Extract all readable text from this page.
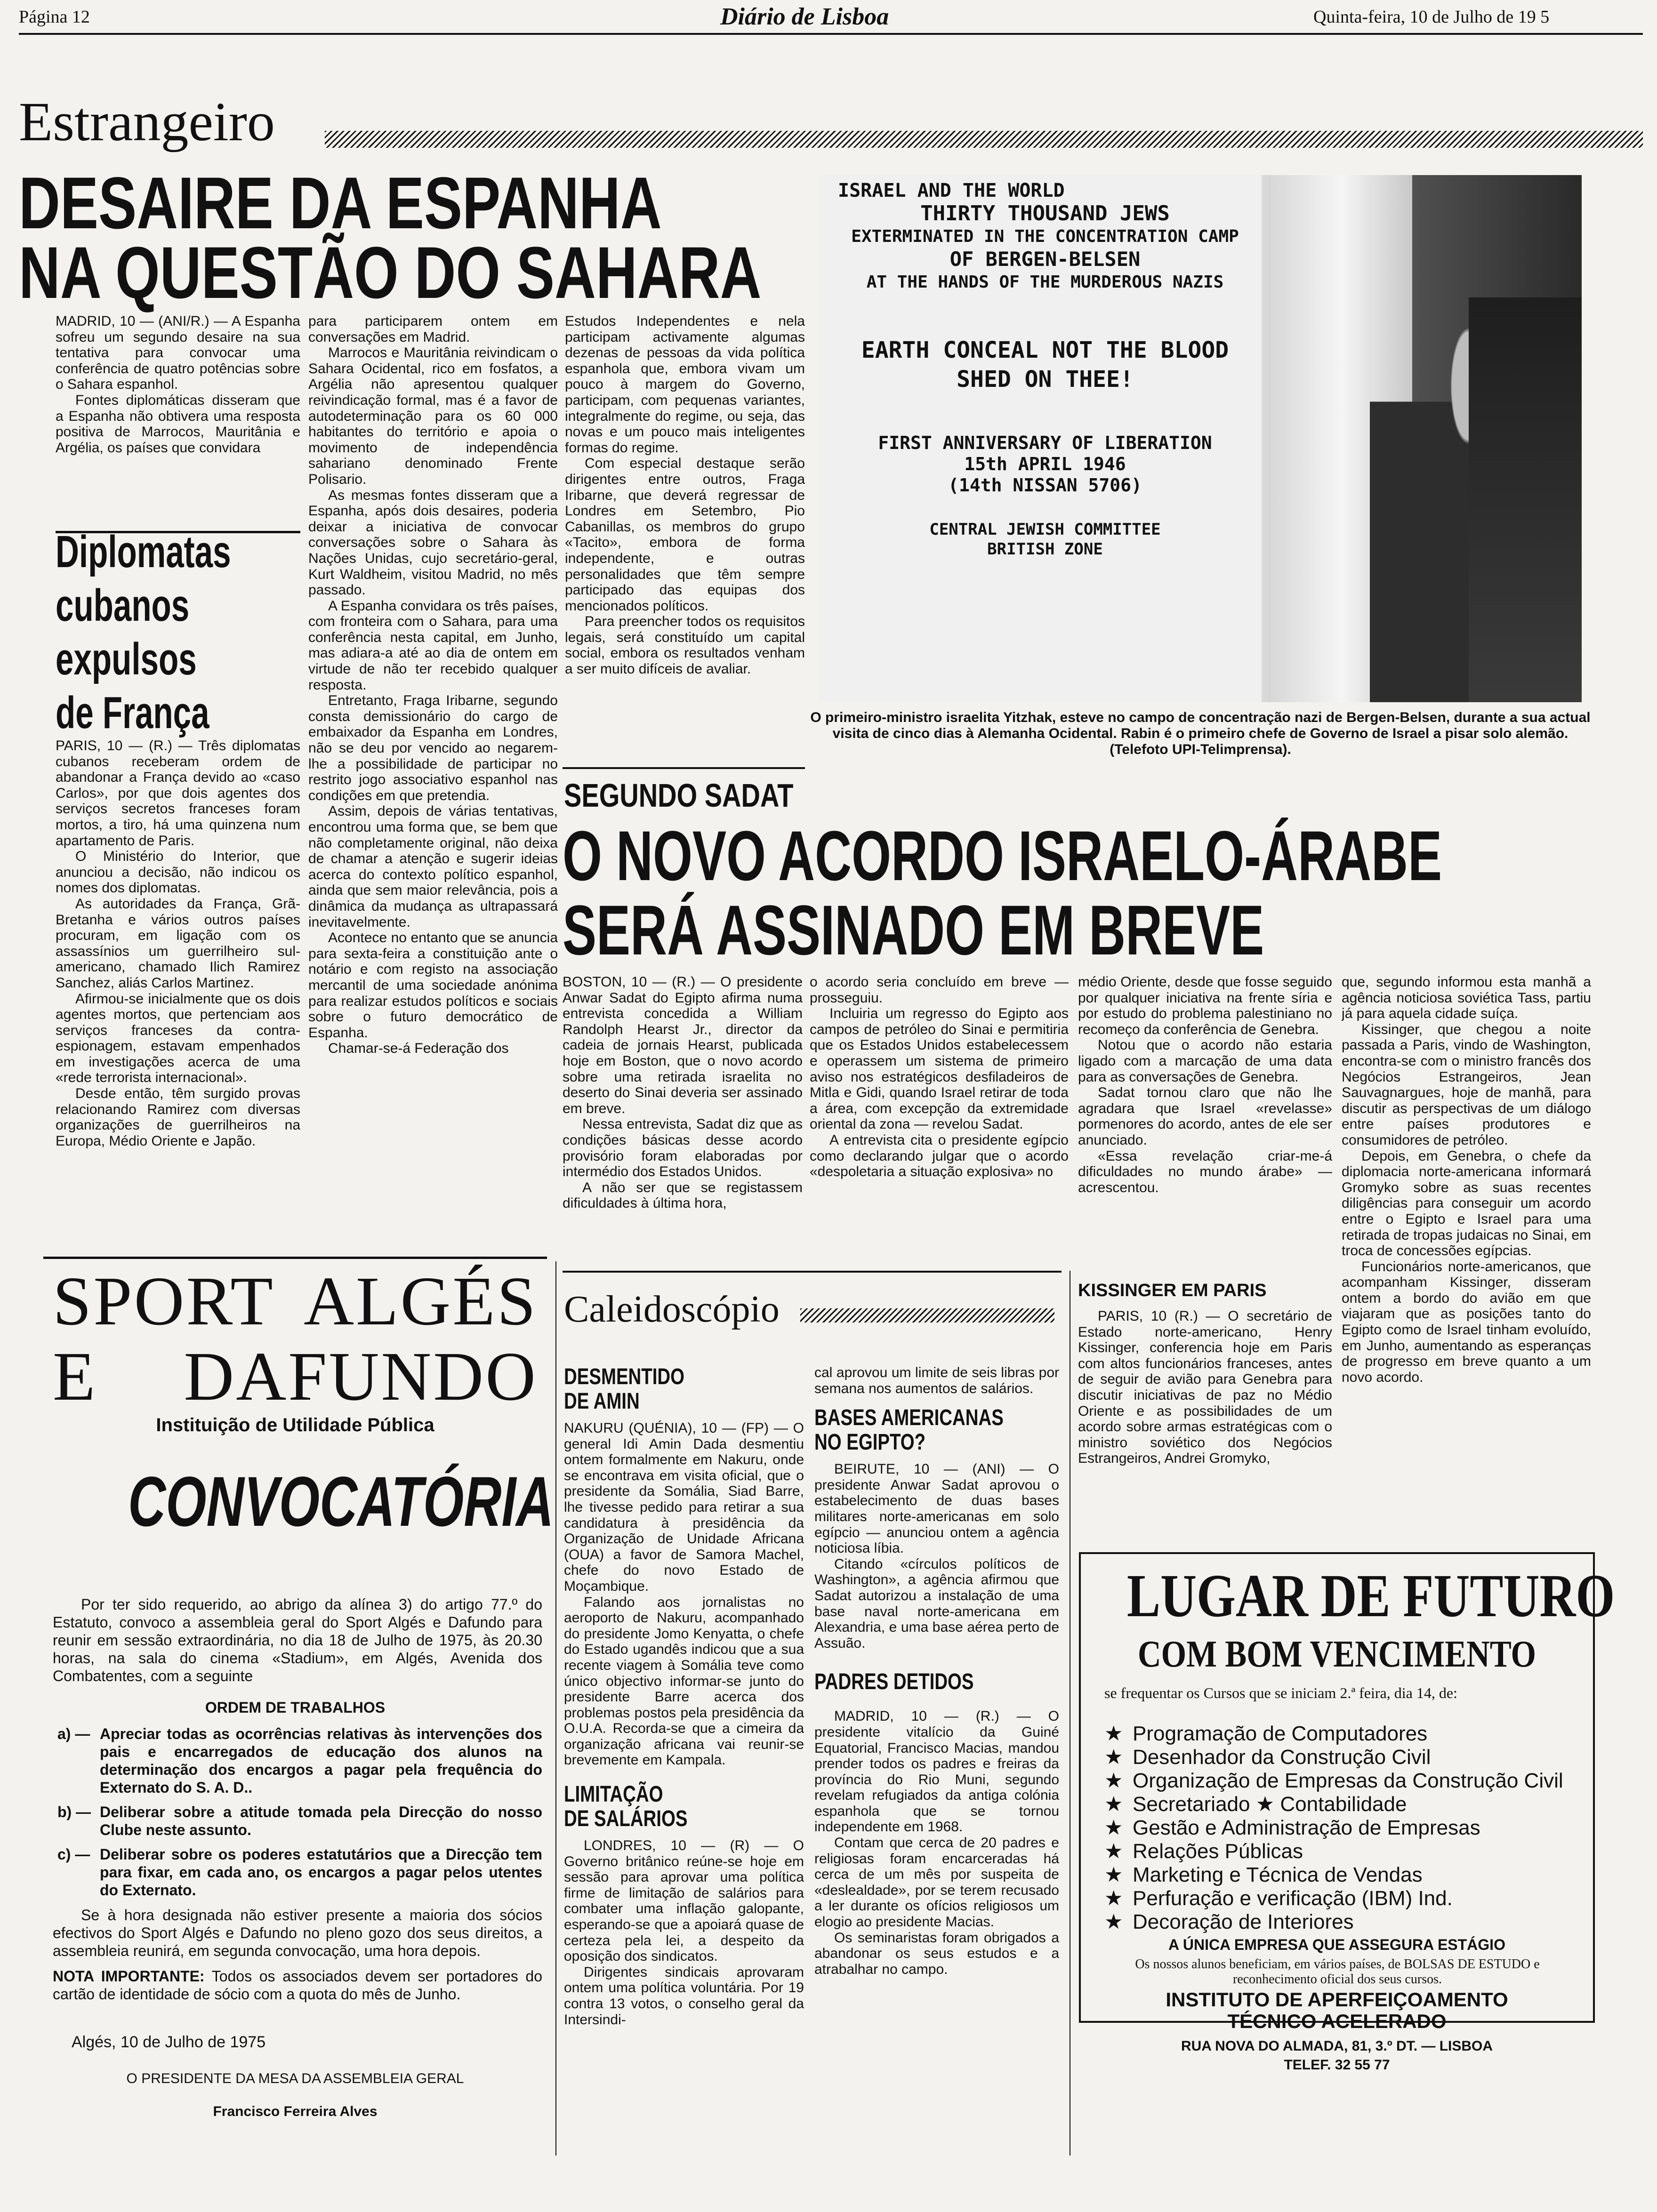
Página 12	Diário de Lisboa	Quinta-feira, 10 de Julho de 19 5
Estrangeiro
DESAIRE DA ESPANHA
NA QUESTÃO DO SAHARA

MADRID, 10 — (ANI/R.) — A Espanha sofreu um segundo desaire na sua tentativa para convocar uma conferência de quatro potências sobre o Sahara espanhol.

Fontes diplomáticas disseram que a Espanha não obtivera uma resposta positiva de Marrocos, Mauritânia e Argélia, os países que convidara

para participarem ontem em conversações em Madrid.

Marrocos e Mauritânia reivindicam o Sahara Ocidental, rico em fosfatos, a Argélia não apresentou qualquer reivindicação formal, mas é a favor de autodeterminação para os 60 000 habitantes do território e apoia o movimento de independência sahariano denominado Frente Polisario.

As mesmas fontes disseram que a Espanha, após dois desaires, poderia deixar a iniciativa de convocar conversações sobre o Sahara às Nações Unidas, cujo secretário-geral, Kurt Waldheim, visitou Madrid, no mês passado.

A Espanha convidara os três países, com fronteira com o Sahara, para uma conferência nesta capital, em Junho, mas adiara-a até ao dia de ontem em virtude de não ter recebido qualquer resposta.

Entretanto, Fraga Iribarne, segundo consta demissionário do cargo de embaixador da Espanha em Londres, não se deu por vencido ao negarem-lhe a possibilidade de participar no restrito jogo associativo espanhol nas condições em que pretendia.

Assim, depois de várias tentativas, encontrou uma forma que, se bem que não completamente original, não deixa de chamar a atenção e sugerir ideias acerca do contexto político espanhol, ainda que sem maior relevância, pois a dinâmica da mudança as ultrapassará inevitavelmente.

Acontece no entanto que se anuncia para sexta-feira a constituição ante o notário e com registo na associação mercantil de uma sociedade anónima para realizar estudos políticos e sociais sobre o futuro democrático de Espanha.

Chamar-se-á Federação dos

Estudos Independentes e nela participam activamente algumas dezenas de pessoas da vida política espanhola que, embora vivam um pouco à margem do Governo, participam, com pequenas variantes, integralmente do regime, ou seja, das novas e um pouco mais inteligentes formas do regime.

Com especial destaque serão dirigentes entre outros, Fraga Iribarne, que deverá regressar de Londres em Setembro, Pio Cabanillas, os membros do grupo «Tacito», embora de forma independente, e outras personalidades que têm sempre participado das equipas dos mencionados políticos.

Para preencher todos os requisitos legais, será constituído um capital social, embora os resultados venham a ser muito difíceis de avaliar.

ISRAEL AND THE WORLD
THIRTY THOUSAND JEWS
EXTERMINATED IN THE CONCENTRATION CAMP
OF BERGEN-BELSEN
AT THE HANDS OF THE MURDEROUS NAZIS
EARTH CONCEAL NOT THE BLOOD
SHED ON THEE!
FIRST ANNIVERSARY OF LIBERATION
15th APRIL 1946
(14th NISSAN 5706)
CENTRAL JEWISH COMMITTEE
BRITISH ZONE
O primeiro-ministro israelita Yitzhak, esteve no campo de concentração nazi de Bergen-Belsen, durante a sua actual visita de cinco dias à Alemanha Ocidental. Rabin é o primeiro chefe de Governo de Israel a pisar solo alemão. (Telefoto UPI-Telimprensa).
Diplomatas
cubanos
expulsos
de França

PARIS, 10 — (R.) — Três diplomatas cubanos receberam ordem de abandonar a França devido ao «caso Carlos», por que dois agentes dos serviços secretos franceses foram mortos, a tiro, há uma quinzena num apartamento de Paris.

O Ministério do Interior, que anunciou a decisão, não indicou os nomes dos diplomatas.

As autoridades da França, Grã-Bretanha e vários outros países procuram, em ligação com os assassínios um guerrilheiro sul-americano, chamado Ilich Ramirez Sanchez, aliás Carlos Martinez.

Afirmou-se inicialmente que os dois agentes mortos, que pertenciam aos serviços franceses da contra-espionagem, estavam empenhados em investigações acerca de uma «rede terrorista internacional».

Desde então, têm surgido provas relacionando Ramirez com diversas organizações de guerrilheiros na Europa, Médio Oriente e Japão.

SEGUNDO SADAT
O NOVO ACORDO ISRAELO-ÁRABE
SERÁ ASSINADO EM BREVE

BOSTON, 10 — (R.) — O presidente Anwar Sadat do Egipto afirma numa entrevista concedida a William Randolph Hearst Jr., director da cadeia de jornais Hearst, publicada hoje em Boston, que o novo acordo sobre uma retirada israelita no deserto do Sinai deveria ser assinado em breve.

Nessa entrevista, Sadat diz que as condições básicas desse acordo provisório foram elaboradas por intermédio dos Estados Unidos.

A não ser que se registassem dificuldades à última hora,

o acordo seria concluído em breve — prosseguiu.

Incluiria um regresso do Egipto aos campos de petróleo do Sinai e permitiria que os Estados Unidos estabelecessem e operassem um sistema de primeiro aviso nos estratégicos desfiladeiros de Mitla e Gidi, quando Israel retirar de toda a área, com excepção da extremidade oriental da zona — revelou Sadat.

A entrevista cita o presidente egípcio como declarando julgar que o acordo «despoletaria a situação explosiva» no

médio Oriente, desde que fosse seguido por qualquer iniciativa na frente síria e por estudo do problema palestiniano no recomeço da conferência de Genebra.

Notou que o acordo não estaria ligado com a marcação de uma data para as conversações de Genebra.

Sadat tornou claro que não lhe agradara que Israel «revelasse» pormenores do acordo, antes de ele ser anunciado.

«Essa revelação criar-me-á dificuldades no mundo árabe» — acrescentou.

KISSINGER EM PARIS

PARIS, 10 (R.) — O secretário de Estado norte-americano, Henry Kissinger, conferencia hoje em Paris com altos funcionários franceses, antes de seguir de avião para Genebra para discutir iniciativas de paz no Médio Oriente e as possibilidades de um acordo sobre armas estratégicas com o ministro soviético dos Negócios Estrangeiros, Andrei Gromyko,

que, segundo informou esta manhã a agência noticiosa soviética Tass, partiu já para aquela cidade suíça.

Kissinger, que chegou a noite passada a Paris, vindo de Washington, encontra-se com o ministro francês dos Negócios Estrangeiros, Jean Sauvagnargues, hoje de manhã, para discutir as perspectivas de um diálogo entre países produtores e consumidores de petróleo.

Depois, em Genebra, o chefe da diplomacia norte-americana informará Gromyko sobre as suas recentes diligências para conseguir um acordo entre o Egipto e Israel para uma retirada de tropas judaicas no Sinai, em troca de concessões egípcias.

Funcionários norte-americanos, que acompanham Kissinger, disseram ontem a bordo do avião em que viajaram que as posições tanto do Egipto como de Israel tinham evoluído, em Junho, aumentando as esperanças de progresso em breve quanto a um novo acordo.

SPORT ALGÉS
E DAFUNDO
Instituição de Utilidade Pública
CONVOCATÓRIA
Por ter sido requerido, ao abrigo da alínea 3) do artigo 77.º do Estatuto, convoco a assembleia geral do Sport Algés e Dafundo para reunir em sessão extraordinária, no dia 18 de Julho de 1975, às 20.30 horas, na sala do cinema «Stadium», em Algés, Avenida dos Combatentes, com a seguinte
ORDEM DE TRABALHOS
a) — Apreciar todas as ocorrências relativas às intervenções dos pais e encarregados de educação dos alunos na determinação dos encargos a pagar pela frequência do Externato do S. A. D..
b) — Deliberar sobre a atitude tomada pela Direcção do nosso Clube neste assunto.
c) — Deliberar sobre os poderes estatutários que a Direcção tem para fixar, em cada ano, os encargos a pagar pelos utentes do Externato.
Se à hora designada não estiver presente a maioria dos sócios efectivos do Sport Algés e Dafundo no pleno gozo dos seus direitos, a assembleia reunirá, em segunda convocação, uma hora depois.
NOTA IMPORTANTE: Todos os associados devem ser portadores do cartão de identidade de sócio com a quota do mês de Junho.
Algés, 10 de Julho de 1975
O PRESIDENTE DA MESA DA ASSEMBLEIA GERAL
Francisco Ferreira Alves
Caleidoscópio
DESMENTIDO
DE AMIN

NAKURU (QUÉNIA), 10 — (FP) — O general Idi Amin Dada desmentiu ontem formalmente em Nakuru, onde se encontrava em visita oficial, que o presidente da Somália, Siad Barre, lhe tivesse pedido para retirar a sua candidatura à presidência da Organização de Unidade Africana (OUA) a favor de Samora Machel, chefe do novo Estado de Moçambique.

Falando aos jornalistas no aeroporto de Nakuru, acompanhado do presidente Jomo Kenyatta, o chefe do Estado ugandês indicou que a sua recente viagem à Somália teve como único objectivo informar-se junto do presidente Barre acerca dos problemas postos pela presidência da O.U.A. Recorda-se que a cimeira da organização africana vai reunir-se brevemente em Kampala.

LIMITAÇÃO
DE SALÁRIOS

LONDRES, 10 — (R) — O Governo britânico reúne-se hoje em sessão para aprovar uma política firme de limitação de salários para combater uma inflação galopante, esperando-se que a apoiará quase de certeza pela lei, a despeito da oposição dos sindicatos.

Dirigentes sindicais aprovaram ontem uma política voluntária. Por 19 contra 13 votos, o conselho geral da Intersindi-

cal aprovou um limite de seis libras por semana nos aumentos de salários.

BASES AMERICANAS
NO EGIPTO?

BEIRUTE, 10 — (ANI) — O presidente Anwar Sadat aprovou o estabelecimento de duas bases militares norte-americanas em solo egípcio — anunciou ontem a agência noticiosa líbia.

Citando «círculos políticos de Washington», a agência afirmou que Sadat autorizou a instalação de uma base naval norte-americana em Alexandria, e uma base aérea perto de Assuão.

PADRES DETIDOS

MADRID, 10 — (R.) — O presidente vitalício da Guiné Equatorial, Francisco Macias, mandou prender todos os padres e freiras da província do Rio Muni, segundo revelam refugiados da antiga colónia espanhola que se tornou independente em 1968.

Contam que cerca de 20 padres e religiosas foram encarceradas há cerca de um mês por suspeita de «deslealdade», por se terem recusado a ler durante os ofícios religiosos um elogio ao presidente Macias.

Os seminaristas foram obrigados a abandonar os seus estudos e a atrabalhar no campo.

LUGAR DE FUTURO
COM BOM VENCIMENTO
se frequentar os Cursos que se iniciam 2.ª feira, dia 14, de:
★ Programação de Computadores
★ Desenhador da Construção Civil
★ Organização de Empresas da Construção Civil
★ Secretariado ★ Contabilidade
★ Gestão e Administração de Empresas
★ Relações Públicas
★ Marketing e Técnica de Vendas
★ Perfuração e verificação (IBM) Ind.
★ Decoração de Interiores
A ÚNICA EMPRESA QUE ASSEGURA ESTÁGIO
Os nossos alunos beneficiam, em vários países, de BOLSAS DE ESTUDO e reconhecimento oficial dos seus cursos.
INSTITUTO DE APERFEIÇOAMENTO
TÉCNICO ACELERADO
RUA NOVA DO ALMADA, 81, 3.º DT. — LISBOA
TELEF. 32 55 77
